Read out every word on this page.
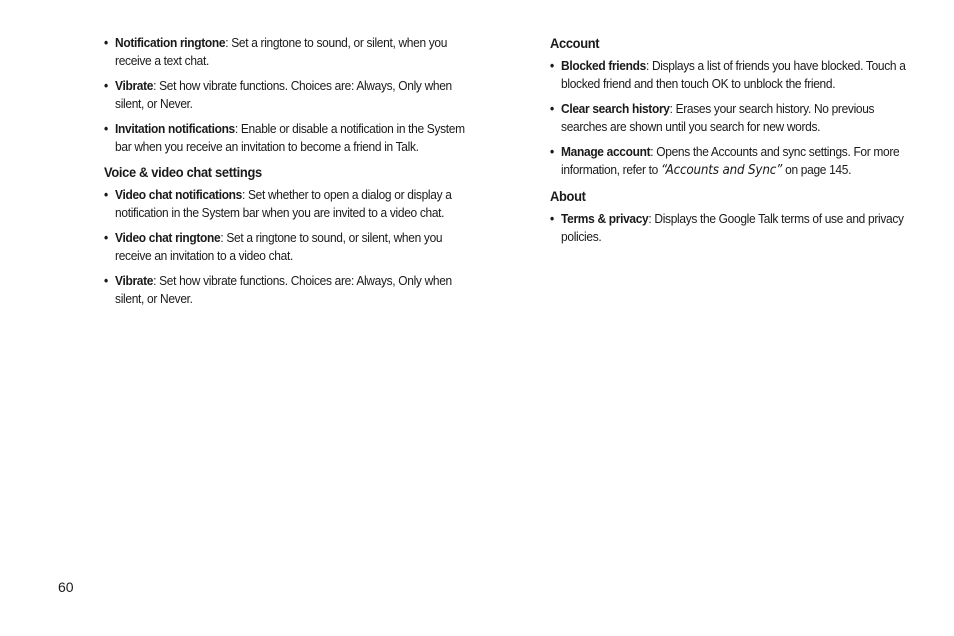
• Notification ringtone: Set a ringtone to sound, or silent, when you receive a text chat.
• Vibrate: Set how vibrate functions. Choices are: Always, Only when silent, or Never.
• Invitation notifications: Enable or disable a notification in the System bar when you receive an invitation to become a friend in Talk.
Voice & video chat settings
• Video chat notifications: Set whether to open a dialog or display a notification in the System bar when you are invited to a video chat.
• Video chat ringtone: Set a ringtone to sound, or silent, when you receive an invitation to a video chat.
• Vibrate: Set how vibrate functions. Choices are: Always, Only when silent, or Never.
Account
• Blocked friends: Displays a list of friends you have blocked. Touch a blocked friend and then touch OK to unblock the friend.
• Clear search history: Erases your search history. No previous searches are shown until you search for new words.
• Manage account: Opens the Accounts and sync settings. For more information, refer to “Accounts and Sync” on page 145.
About
• Terms & privacy: Displays the Google Talk terms of use and privacy policies.
60
